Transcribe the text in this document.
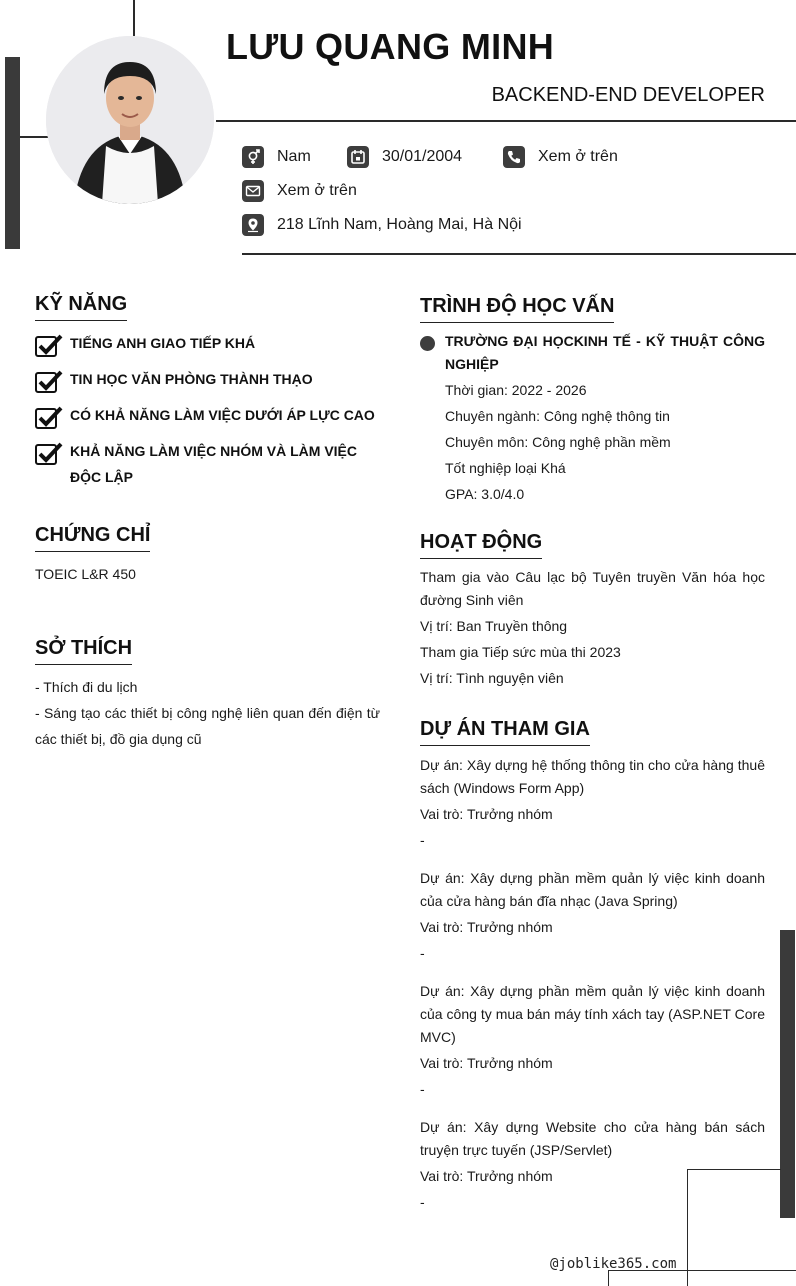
LƯU QUANG MINH
BACKEND-END DEVELOPER
Nam	30/01/2004	Xem ở trên
Xem ở trên
218 Lĩnh Nam, Hoàng Mai, Hà Nội
KỸ NĂNG
TIẾNG ANH GIAO TIẾP KHÁ
TIN HỌC VĂN PHÒNG THÀNH THẠO
CÓ KHẢ NĂNG LÀM VIỆC DƯỚI ÁP LỰC CAO
KHẢ NĂNG LÀM VIỆC NHÓM VÀ LÀM VIỆC ĐỘC LẬP
CHỨNG CHỈ

TOEIC L&R 450

SỞ THÍCH

- Thích đi du lịch

- Sáng tạo các thiết bị công nghệ liên quan đến điện từ các thiết bị, đồ gia dụng cũ

TRÌNH ĐỘ HỌC VẤN
TRƯỜNG ĐẠI HỌCKINH TẾ - KỸ THUẬT CÔNG NGHIỆP
Thời gian: 2022 - 2026
Chuyên ngành: Công nghệ thông tin
Chuyên môn: Công nghệ phần mềm
Tốt nghiệp loại Khá
GPA: 3.0/4.0
HOẠT ĐỘNG
Tham gia vào Câu lạc bộ Tuyên truyền Văn hóa học đường Sinh viên
Vị trí: Ban Truyền thông
Tham gia Tiếp sức mùa thi 2023
Vị trí: Tình nguyện viên
DỰ ÁN THAM GIA
Dự án: Xây dựng hệ thống thông tin cho cửa hàng thuê sách (Windows Form App)
Vai trò: Trưởng nhóm
-
Dự án: Xây dựng phần mềm quản lý việc kinh doanh của cửa hàng bán đĩa nhạc (Java Spring)
Vai trò: Trưởng nhóm
-
Dự án: Xây dựng phần mềm quản lý việc kinh doanh của công ty mua bán máy tính xách tay (ASP.NET Core MVC)
Vai trò: Trưởng nhóm
-
Dự án: Xây dựng Website cho cửa hàng bán sách truyện trực tuyến (JSP/Servlet)
Vai trò: Trưởng nhóm
-
@joblike365.com
